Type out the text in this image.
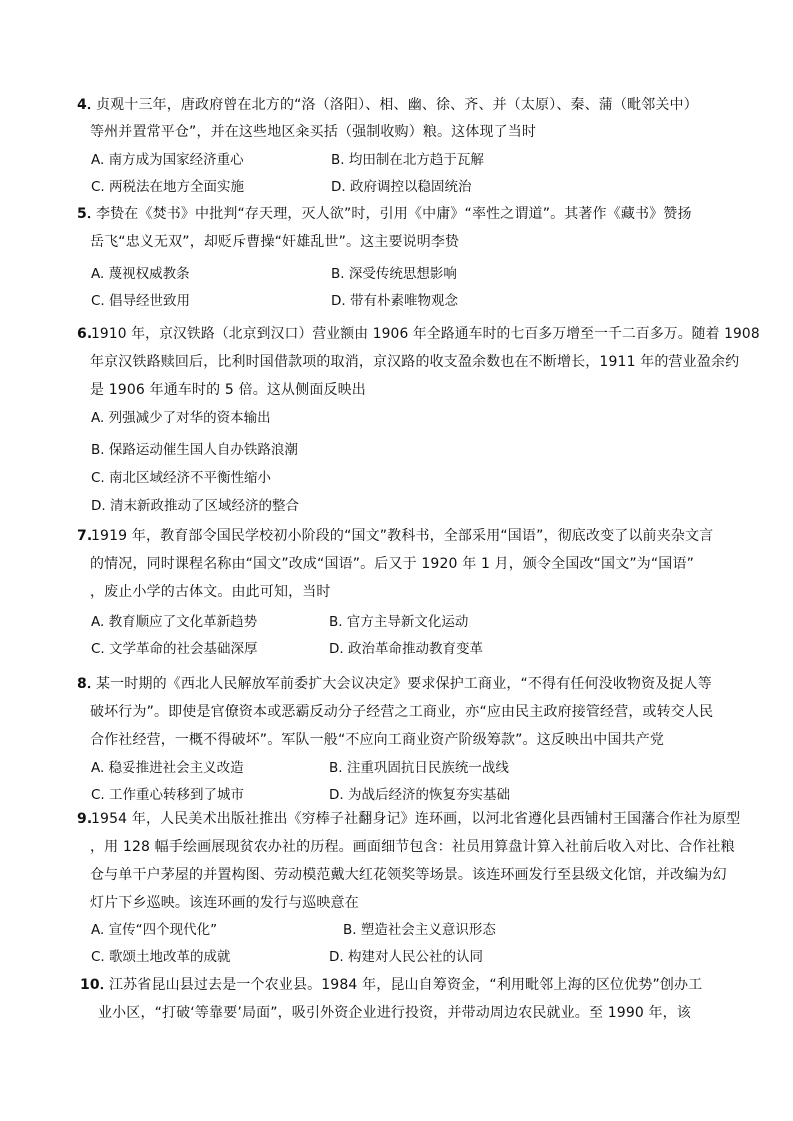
4．
贞观十三年，唐政府曾在北方的“洛（洛阳）、相、幽、徐、齐、并（太原）、秦、蒲（毗邻关中）
等州并置常平仓”，并在这些地区籴买括（强制收购）粮。这体现了当时
A. 南方成为国家经济重心	B. 均田制在北方趋于瓦解
C. 两税法在地方全面实施	D. 政府调控以稳固统治
5．
李贽在《焚书》中批判“存天理，灭人欲”时，引用《中庸》“率性之谓道”。其著作《藏书》赞扬
岳飞“忠义无双”，却贬斥曹操“奸雄乱世”。这主要说明李贽
A. 蔑视权威教条	B. 深受传统思想影响
C. 倡导经世致用	D. 带有朴素唯物观念
6.
1910 年，京汉铁路（北京到汉口）营业额由 1906 年全路通车时的七百多万增至一千二百多万。随着 1908
年京汉铁路赎回后，比利时国借款项的取消，京汉路的收支盈余数也在不断增长，1911 年的营业盈余约
是 1906 年通车时的 5 倍。这从侧面反映出
A. 列强减少了对华的资本输出
B. 保路运动催生国人自办铁路浪潮
C. 南北区域经济不平衡性缩小
D. 清末新政推动了区域经济的整合
7.
1919 年，教育部令国民学校初小阶段的“国文”教科书，全部采用“国语”，彻底改变了以前夹杂文言
的情况，同时课程名称由“国文”改成“国语”。后又于 1920 年 1 月，颁令全国改“国文”为“国语”
，废止小学的古体文。由此可知，当时
A. 教育顺应了文化革新趋势	B. 官方主导新文化运动
C. 文学革命的社会基础深厚	D. 政治革命推动教育变革
8．
某一时期的《西北人民解放军前委扩大会议决定》要求保护工商业，“不得有任何没收物资及捉人等
破坏行为”。即使是官僚资本或恶霸反动分子经营之工商业，亦“应由民主政府接管经营，或转交人民
合作社经营，一概不得破坏”。军队一般“不应向工商业资产阶级筹款”。这反映出中国共产党
A. 稳妥推进社会主义改造	B. 注重巩固抗日民族统一战线
C. 工作重心转移到了城市	D. 为战后经济的恢复夯实基础
9.
1954 年，人民美术出版社推出《穷棒子社翻身记》连环画，以河北省遵化县西铺村王国藩合作社为原型
，用 128 幅手绘画展现贫农办社的历程。画面细节包含：社员用算盘计算入社前后收入对比、合作社粮
仓与单干户茅屋的并置构图、劳动模范戴大红花领奖等场景。该连环画发行至县级文化馆，并改编为幻
灯片下乡巡映。该连环画的发行与巡映意在
A. 宣传“四个现代化”	B. 塑造社会主义意识形态
C. 歌颂土地改革的成就	D. 构建对人民公社的认同
10．
江苏省昆山县过去是一个农业县。1984 年，昆山自筹资金，“利用毗邻上海的区位优势”创办工
业小区，“打破‘等靠要’局面”，吸引外资企业进行投资，并带动周边农民就业。至 1990 年，该
